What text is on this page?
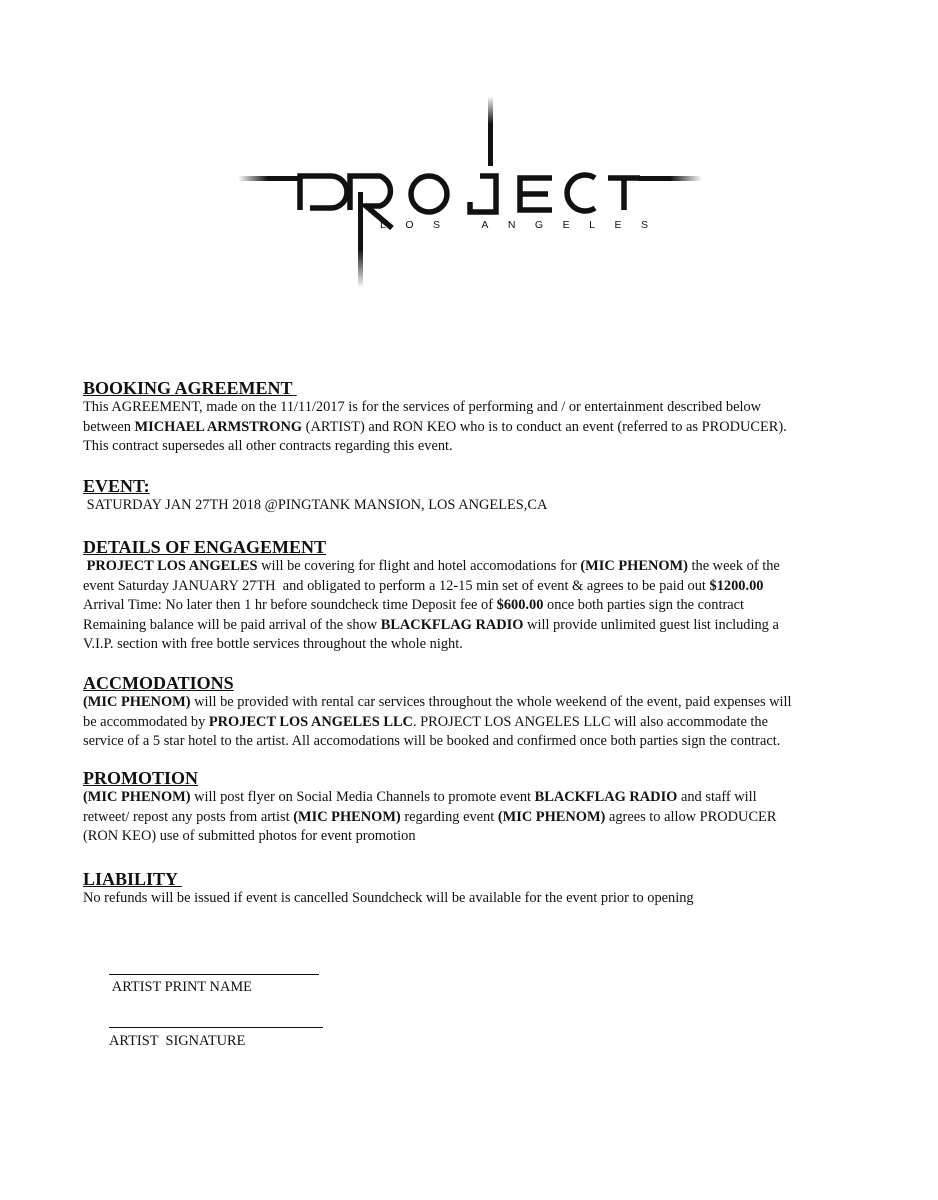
LOS ANGELES
BOOKING AGREEMENT
This AGREEMENT, made on the 11/11/2017 is for the services of performing and / or entertainment described below
between MICHAEL ARMSTRONG (ARTIST) and RON KEO who is to conduct an event (referred to as PRODUCER).
This contract supersedes all other contracts regarding this event.
EVENT:
SATURDAY JAN 27TH 2018 @PINGTANK MANSION, LOS ANGELES,CA
DETAILS OF ENGAGEMENT
PROJECT LOS ANGELES will be covering for flight and hotel accomodations for (MIC PHENOM) the week of the
event Saturday JANUARY 27TH  and obligated to perform a 12-15 min set of event & agrees to be paid out $1200.00
Arrival Time: No later then 1 hr before soundcheck time Deposit fee of $600.00 once both parties sign the contract
Remaining balance will be paid arrival of the show BLACKFLAG RADIO will provide unlimited guest list including a
V.I.P. section with free bottle services throughout the whole night.
ACCMODATIONS
(MIC PHENOM) will be provided with rental car services throughout the whole weekend of the event, paid expenses will
be accommodated by PROJECT LOS ANGELES LLC. PROJECT LOS ANGELES LLC will also accommodate the
service of a 5 star hotel to the artist. All accomodations will be booked and confirmed once both parties sign the contract.
PROMOTION
(MIC PHENOM) will post flyer on Social Media Channels to promote event BLACKFLAG RADIO and staff will
retweet/ repost any posts from artist (MIC PHENOM) regarding event (MIC PHENOM) agrees to allow PRODUCER
(RON KEO) use of submitted photos for event promotion
LIABILITY
No refunds will be issued if event is cancelled Soundcheck will be available for the event prior to opening
ARTIST PRINT NAME
ARTIST  SIGNATURE
